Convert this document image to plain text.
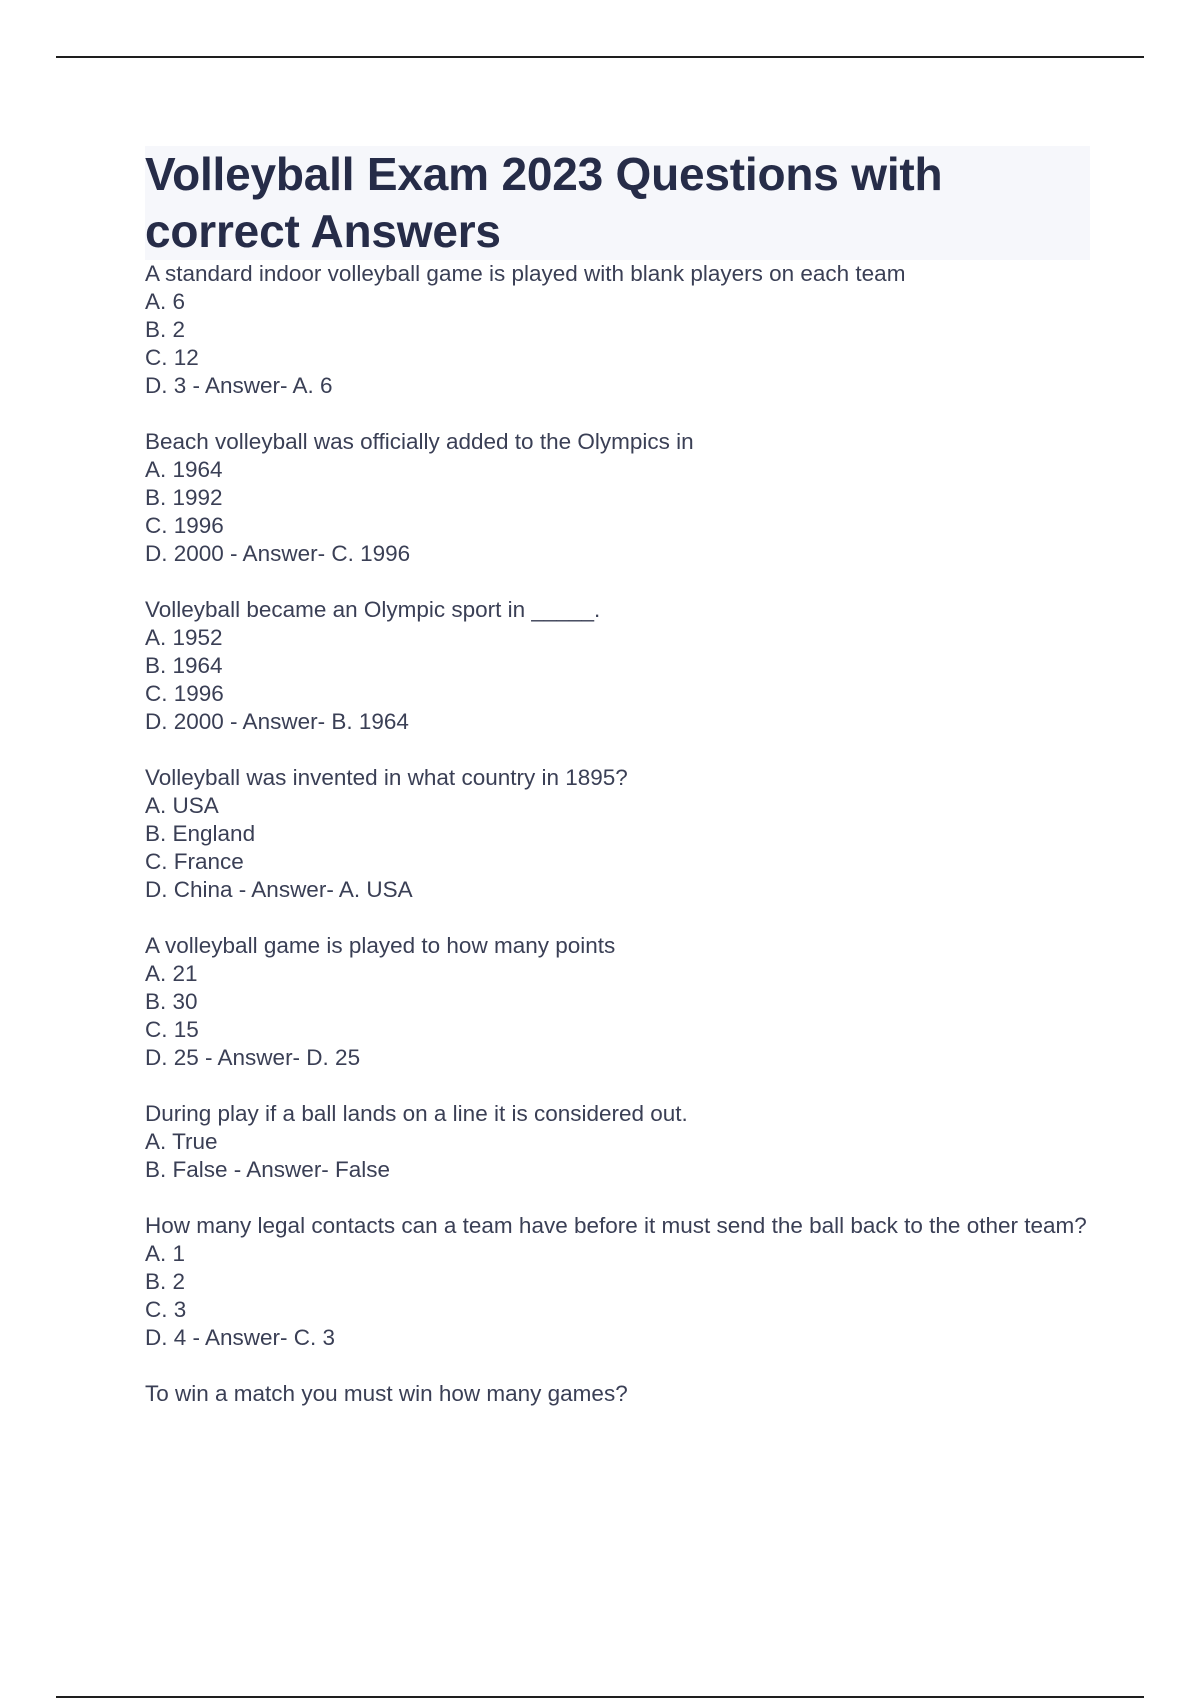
Volleyball Exam 2023 Questions with correct Answers
A standard indoor volleyball game is played with blank players on each team
A. 6
B. 2
C. 12
D. 3 - Answer- A. 6
Beach volleyball was officially added to the Olympics in
A. 1964
B. 1992
C. 1996
D. 2000 - Answer- C. 1996
Volleyball became an Olympic sport in _____.
A. 1952
B. 1964
C. 1996
D. 2000 - Answer- B. 1964
Volleyball was invented in what country in 1895?
A. USA
B. England
C. France
D. China - Answer- A. USA
A volleyball game is played to how many points
A. 21
B. 30
C. 15
D. 25 - Answer- D. 25
During play if a ball lands on a line it is considered out.
A. True
B. False - Answer- False
How many legal contacts can a team have before it must send the ball back to the other team?
A. 1
B. 2
C. 3
D. 4 - Answer- C. 3
To win a match you must win how many games?
